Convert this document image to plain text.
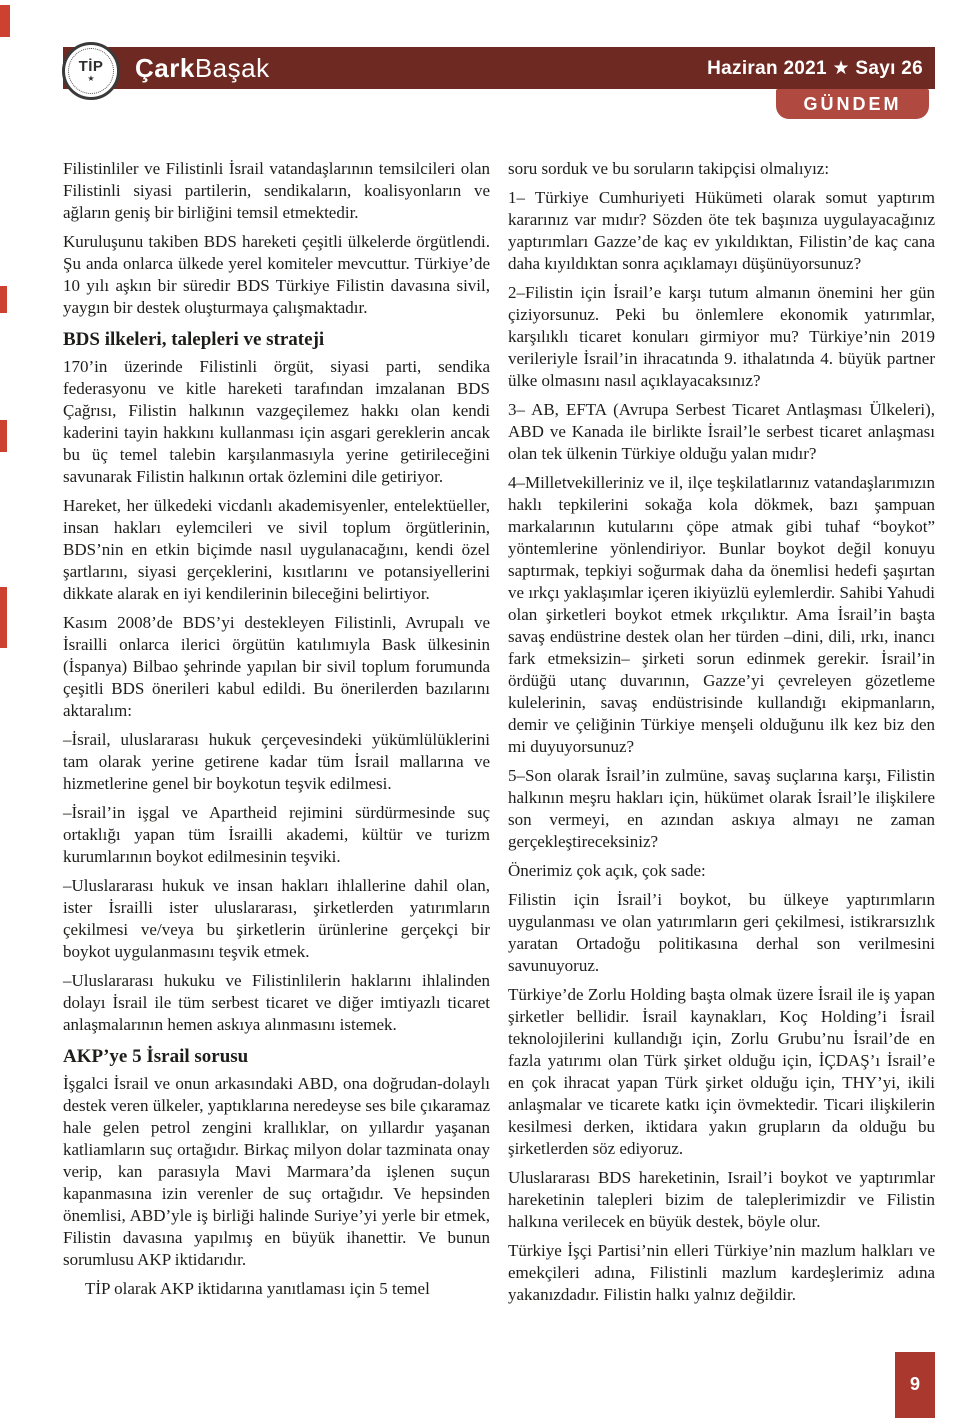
TİP
★ ÇarkBaşak	Haziran 2021 ★ Sayı 26
GÜNDEM

Filistinliler ve Filistinli İsrail vatandaşlarının temsilcileri olan Filistinli siyasi partilerin, sendikaların, koalisyonların ve ağların geniş bir birliğini temsil etmektedir.

Kuruluşunu takiben BDS hareketi çeşitli ülkelerde örgütlendi. Şu anda onlarca ülkede yerel komiteler mevcuttur. Türkiye’de 10 yılı aşkın bir süredir BDS Türkiye Filistin davasına sivil, yaygın bir destek oluşturmaya çalışmaktadır.

BDS ilkeleri, talepleri ve strateji

170’in üzerinde Filistinli örgüt, siyasi parti, sendika federasyonu ve kitle hareketi tarafından imzalanan BDS Çağrısı, Filistin halkının vazgeçilemez hakkı olan kendi kaderini tayin hakkını kullanması için asgari gereklerin ancak bu üç temel talebin karşılanmasıyla yerine getirileceğini savunarak Filistin halkının ortak özlemini dile getiriyor.

Hareket, her ülkedeki vicdanlı akademisyenler, entelektüeller, insan hakları eylemcileri ve sivil toplum örgütlerinin, BDS’nin en etkin biçimde nasıl uygulanacağını, kendi özel şartlarını, siyasi gerçeklerini, kısıtlarını ve potansiyellerini dikkate alarak en iyi kendilerinin bileceğini belirtiyor.

Kasım 2008’de BDS’yi destekleyen Filistinli, Avrupalı ve İsrailli onlarca ilerici örgütün katılımıyla Bask ülkesinin (İspanya) Bilbao şehrinde yapılan bir sivil toplum forumunda çeşitli BDS önerileri kabul edildi. Bu önerilerden bazılarını aktaralım:

–İsrail, uluslararası hukuk çerçevesindeki yükümlülüklerini tam olarak yerine getirene kadar tüm İsrail mallarına ve hizmetlerine genel bir boykotun teşvik edilmesi.

–İsrail’in işgal ve Apartheid rejimini sürdürmesinde suç ortaklığı yapan tüm İsrailli akademi, kültür ve turizm kurumlarının boykot edilmesinin teşviki.

–Uluslararası hukuk ve insan hakları ihlallerine dahil olan, ister İsrailli ister uluslararası, şirketlerden yatırımların çekilmesi ve/veya bu şirketlerin ürünlerine gerçekçi bir boykot uygulanmasını teşvik etmek.

–Uluslararası hukuku ve Filistinlilerin haklarını ihlalinden dolayı İsrail ile tüm serbest ticaret ve diğer imtiyazlı ticaret anlaşmalarının hemen askıya alınmasını istemek.

AKP’ye 5 İsrail sorusu

İşgalci İsrail ve onun arkasındaki ABD, ona doğrudan-dolaylı destek veren ülkeler, yaptıklarına neredeyse ses bile çıkaramaz hale gelen petrol zengini krallıklar, on yıllardır yaşanan katliamların suç ortağıdır. Birkaç milyon dolar tazminata onay verip, kan parasıyla Mavi Marmara’da işlenen suçun kapanmasına izin verenler de suç ortağıdır. Ve hepsinden önemlisi, ABD’yle iş birliği halinde Suriye’yi yerle bir etmek, Filistin davasına yapılmış en büyük ihanettir. Ve bunun sorumlusu AKP iktidarıdır.

TİP olarak AKP iktidarına yanıtlaması için 5 temel

soru sorduk ve bu soruların takipçisi olmalıyız:

1– Türkiye Cumhuriyeti Hükümeti olarak somut yaptırım kararınız var mıdır? Sözden öte tek başınıza uygulayacağınız yaptırımları Gazze’de kaç ev yıkıldıktan, Filistin’de kaç cana daha kıyıldıktan sonra açıklamayı düşünüyorsunuz?

2–Filistin için İsrail’e karşı tutum almanın önemini her gün çiziyorsunuz. Peki bu önlemlere ekonomik yatırımlar, karşılıklı ticaret konuları girmiyor mu? Türkiye’nin 2019 verileriyle İsrail’in ihracatında 9. ithalatında 4. büyük partner ülke olmasını nasıl açıklayacaksınız?

3– AB, EFTA (Avrupa Serbest Ticaret Antlaşması Ülkeleri), ABD ve Kanada ile birlikte İsrail’le serbest ticaret anlaşması olan tek ülkenin Türkiye olduğu yalan mıdır?

4–Milletvekilleriniz ve il, ilçe teşkilatlarınız vatandaşlarımızın haklı tepkilerini sokağa kola dökmek, bazı şampuan markalarının kutularını çöpe atmak gibi tuhaf “boykot” yöntemlerine yönlendiriyor. Bunlar boykot değil konuyu saptırmak, tepkiyi soğurmak daha da önemlisi hedefi şaşırtan ve ırkçı yaklaşımlar içeren ikiyüzlü eylemlerdir. Sahibi Yahudi olan şirketleri boykot etmek ırkçılıktır. Ama İsrail’in başta savaş endüstrine destek olan her türden –dini, dili, ırkı, inancı fark etmeksizin– şirketi sorun edinmek gerekir. İsrail’in ördüğü utanç duvarının, Gazze’yi çevreleyen gözetleme kulelerinin, savaş endüstrisinde kullandığı ekipmanların, demir ve çeliğinin Türkiye menşeli olduğunu ilk kez biz den mi duyuyorsunuz?

5–Son olarak İsrail’in zulmüne, savaş suçlarına karşı, Filistin halkının meşru hakları için, hükümet olarak İsrail’le ilişkilere son vermeyi, en azından askıya almayı ne zaman gerçekleştireceksiniz?

Önerimiz çok açık, çok sade:

Filistin için İsrail’i boykot, bu ülkeye yaptırımların uygulanması ve olan yatırımların geri çekilmesi, istikrarsızlık yaratan Ortadoğu politikasına derhal son verilmesini savunuyoruz.

Türkiye’de Zorlu Holding başta olmak üzere İsrail ile iş yapan şirketler bellidir. İsrail kaynakları, Koç Holding’i İsrail teknolojilerini kullandığı için, Zorlu Grubu’nu İsrail’de en fazla yatırımı olan Türk şirket olduğu için, İÇDAŞ’ı İsrail’e en çok ihracat yapan Türk şirket olduğu için, THY’yi, ikili anlaşmalar ve ticarete katkı için övmektedir. Ticari ilişkilerin kesilmesi derken, iktidara yakın grupların da olduğu bu şirketlerden söz ediyoruz.

Uluslararası BDS hareketinin, Israil’i boykot ve yaptırımlar hareketinin talepleri bizim de taleplerimizdir ve Filistin halkına verilecek en büyük destek, böyle olur.

Türkiye İşçi Partisi’nin elleri Türkiye’nin mazlum halkları ve emekçileri adına, Filistinli mazlum kardeşlerimiz adına yakanızdadır. Filistin halkı yalnız değildir.

9
